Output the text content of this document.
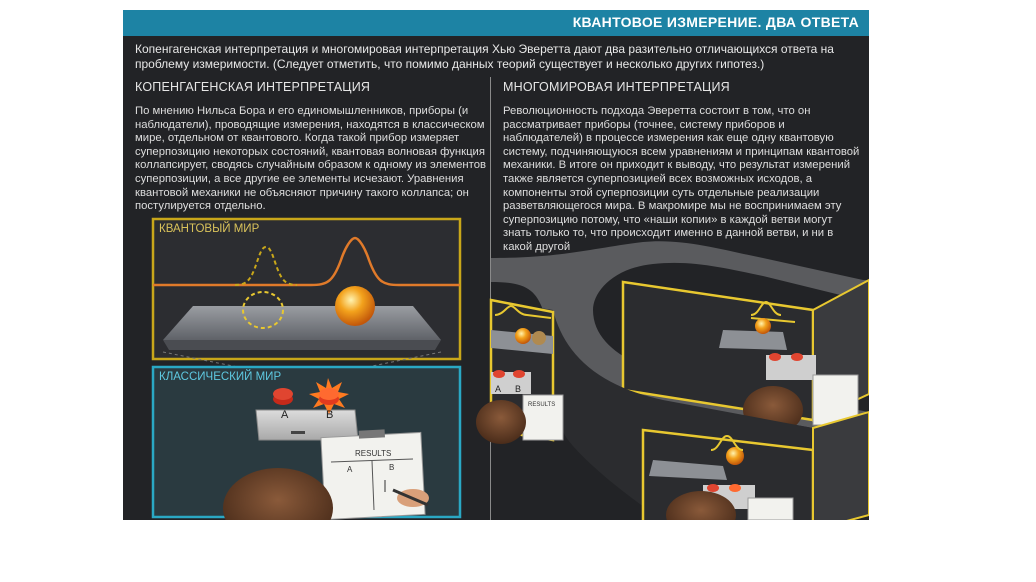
КВАНТОВОЕ ИЗМЕРЕНИЕ. ДВА ОТВЕТА
Копенгагенская интерпретация и многомировая интерпретация Хью Эверетта дают два разительно отличающихся ответа на проблему измеримости. (Следует отметить, что помимо данных теорий существует и несколько других гипотез.)
КОПЕНГАГЕНСКАЯ ИНТЕРПРЕТАЦИЯ
По мнению Нильса Бора и его единомышленников, приборы (и наблюдатели), проводящие измерения, находятся в классическом мире, отдельном от квантового. Когда такой прибор измеряет суперпозицию некоторых состояний, квантовая волновая функция коллапсирует, сводясь случайным образом к одному из элементов суперпозиции, а все другие ее элементы исчезают. Уравнения квантовой механики не объясняют причину такого коллапса; он постулируется отдельно.
МНОГОМИРОВАЯ ИНТЕРПРЕТАЦИЯ
Революционность подхода Эверетта состоит в том, что он рассматривает приборы (точнее, систему приборов и наблюдателей) в процессе измерения как еще одну квантовую систему, подчиняющуюся всем уравнениям и принципам квантовой механики. В итоге он приходит к выводу, что результат измерений также является суперпозицией всех возможных исходов, а компоненты этой суперпозиции суть отдельные реализации разветвляющегося мира. В макромире мы не воспринимаем эту суперпозицию потому, что «наши копии» в каждой ветви могут знать только то, что происходит именно в данной ветви, и ни в какой другой
КВАНТОВЫЙ МИР
КЛАССИЧЕСКИЙ МИР
A	B
RESULTS
A	B
A B
RESULTS
